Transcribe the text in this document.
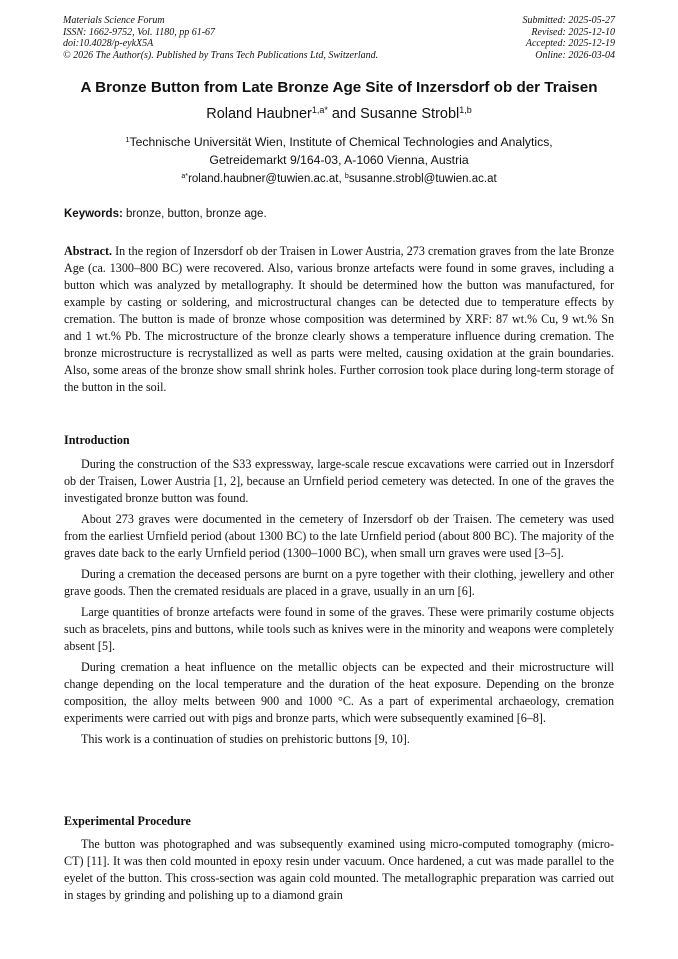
Materials Science Forum
ISSN: 1662-9752, Vol. 1180, pp 61-67
doi:10.4028/p-eykX5A
© 2026 The Author(s). Published by Trans Tech Publications Ltd, Switzerland.
Submitted: 2025-05-27
Revised: 2025-12-10
Accepted: 2025-12-19
Online: 2026-03-04
A Bronze Button from Late Bronze Age Site of Inzersdorf ob der Traisen
Roland Haubner$^{1,a*}$ and Susanne Strobl$^{1,b}$
$^1$Technische Universität Wien, Institute of Chemical Technologies and Analytics,
Getreidemarkt 9/164-03, A-1060 Vienna, Austria
$^{a*}$roland.haubner@tuwien.ac.at, $^b$susanne.strobl@tuwien.ac.at
Keywords: bronze, button, bronze age.

Abstract. In the region of Inzersdorf ob der Traisen in Lower Austria, 273 cremation graves from the late Bronze Age (ca. 1300–800 BC) were recovered. Also, various bronze artefacts were found in some graves, including a button which was analyzed by metallography. It should be determined how the button was manufactured, for example by casting or soldering, and microstructural changes can be detected due to temperature effects by cremation. The button is made of bronze whose composition was determined by XRF: 87 wt.% Cu, 9 wt.% Sn and 1 wt.% Pb. The microstructure of the bronze clearly shows a temperature influence during cremation. The bronze microstructure is recrystallized as well as parts were melted, causing oxidation at the grain boundaries. Also, some areas of the bronze show small shrink holes. Further corrosion took place during long-term storage of the button in the soil.

Introduction

During the construction of the S33 expressway, large-scale rescue excavations were carried out in Inzersdorf ob der Traisen, Lower Austria [1, 2], because an Urnfield period cemetery was detected. In one of the graves the investigated bronze button was found.

About 273 graves were documented in the cemetery of Inzersdorf ob der Traisen. The cemetery was used from the earliest Urnfield period (about 1300 BC) to the late Urnfield period (about 800 BC). The majority of the graves date back to the early Urnfield period (1300–1000 BC), when small urn graves were used [3–5].

During a cremation the deceased persons are burnt on a pyre together with their clothing, jewellery and other grave goods. Then the cremated residuals are placed in a grave, usually in an urn [6].

Large quantities of bronze artefacts were found in some of the graves. These were primarily costume objects such as bracelets, pins and buttons, while tools such as knives were in the minority and weapons were completely absent [5].

During cremation a heat influence on the metallic objects can be expected and their microstructure will change depending on the local temperature and the duration of the heat exposure. Depending on the bronze composition, the alloy melts between 900 and 1000 °C. As a part of experimental archaeology, cremation experiments were carried out with pigs and bronze parts, which were subsequently examined [6–8].

This work is a continuation of studies on prehistoric buttons [9, 10].

Experimental Procedure

The button was photographed and was subsequently examined using micro-computed tomography (micro-CT) [11]. It was then cold mounted in epoxy resin under vacuum. Once hardened, a cut was made parallel to the eyelet of the button. This cross-section was again cold mounted. The metallographic preparation was carried out in stages by grinding and polishing up to a diamond grain
